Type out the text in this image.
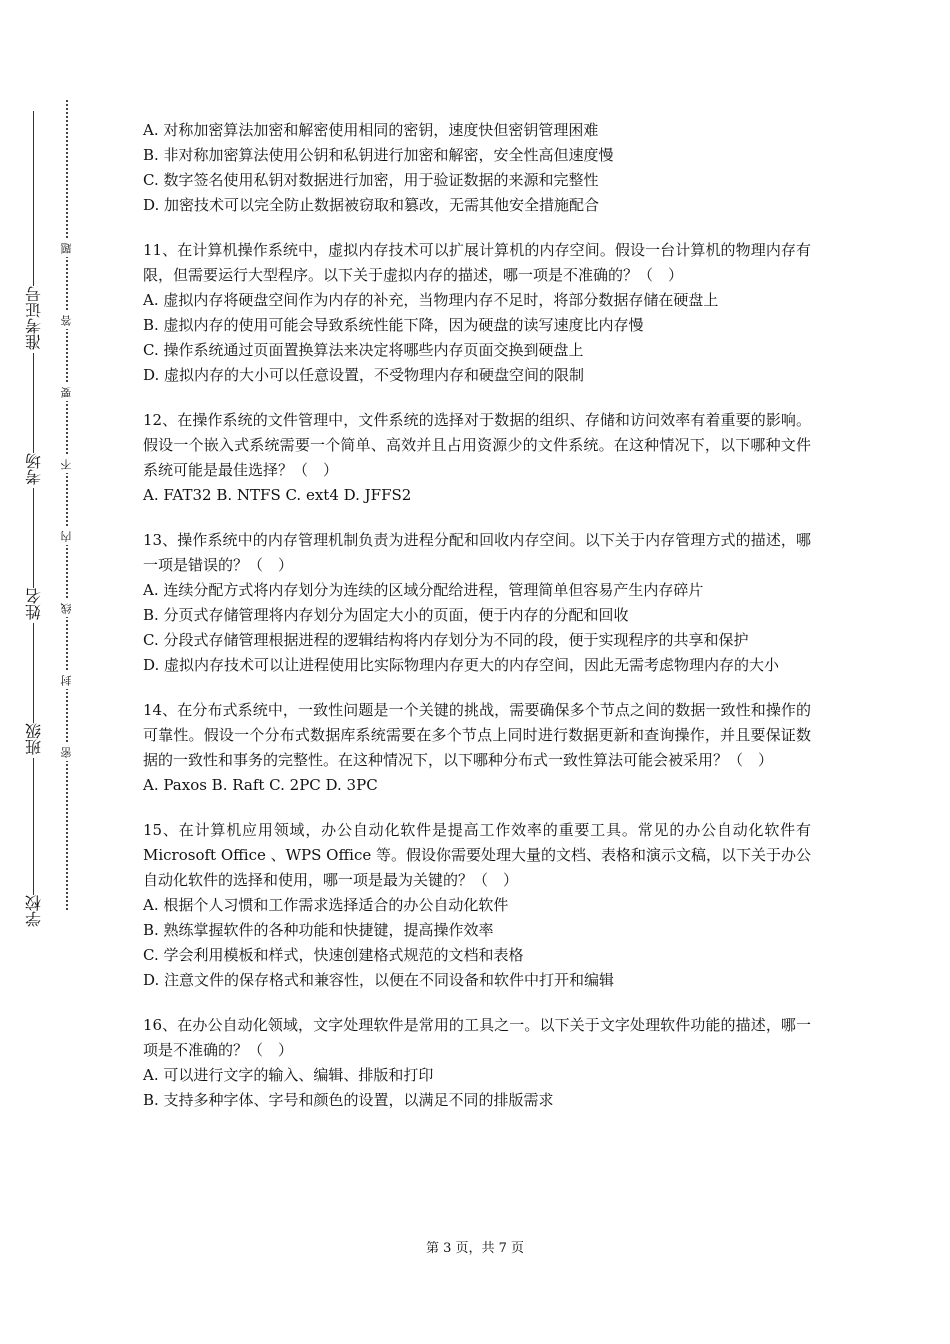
准考证号
考场
姓名
班级
学校
题
答
要
不
内
线
封
密

A. 对称加密算法加密和解密使用相同的密钥，速度快但密钥管理困难

B. 非对称加密算法使用公钥和私钥进行加密和解密，安全性高但速度慢

C. 数字签名使用私钥对数据进行加密，用于验证数据的来源和完整性

D. 加密技术可以完全防止数据被窃取和篡改，无需其他安全措施配合

11、在计算机操作系统中，虚拟内存技术可以扩展计算机的内存空间。假设一台计算机的物理内存有限，但需要运行大型程序。以下关于虚拟内存的描述，哪一项是不准确的？（　）

A. 虚拟内存将硬盘空间作为内存的补充，当物理内存不足时，将部分数据存储在硬盘上

B. 虚拟内存的使用可能会导致系统性能下降，因为硬盘的读写速度比内存慢

C. 操作系统通过页面置换算法来决定将哪些内存页面交换到硬盘上

D. 虚拟内存的大小可以任意设置，不受物理内存和硬盘空间的限制

12、在操作系统的文件管理中，文件系统的选择对于数据的组织、存储和访问效率有着重要的影响。假设一个嵌入式系统需要一个简单、高效并且占用资源少的文件系统。在这种情况下，以下哪种文件系统可能是最佳选择？（　）

A. FAT32 B. NTFS C. ext4 D. JFFS2

13、操作系统中的内存管理机制负责为进程分配和回收内存空间。以下关于内存管理方式的描述，哪一项是错误的？（　）

A. 连续分配方式将内存划分为连续的区域分配给进程，管理简单但容易产生内存碎片

B. 分页式存储管理将内存划分为固定大小的页面，便于内存的分配和回收

C. 分段式存储管理根据进程的逻辑结构将内存划分为不同的段，便于实现程序的共享和保护

D. 虚拟内存技术可以让进程使用比实际物理内存更大的内存空间，因此无需考虑物理内存的大小

14、在分布式系统中，一致性问题是一个关键的挑战，需要确保多个节点之间的数据一致性和操作的可靠性。假设一个分布式数据库系统需要在多个节点上同时进行数据更新和查询操作，并且要保证数据的一致性和事务的完整性。在这种情况下，以下哪种分布式一致性算法可能会被采用？（　）

A. Paxos B. Raft C. 2PC D. 3PC

15、在计算机应用领域，办公自动化软件是提高工作效率的重要工具。常见的办公自动化软件有 Microsoft Office 、WPS Office 等。假设你需要处理大量的文档、表格和演示文稿，以下关于办公自动化软件的选择和使用，哪一项是最为关键的？（　）

A. 根据个人习惯和工作需求选择适合的办公自动化软件

B. 熟练掌握软件的各种功能和快捷键，提高操作效率

C. 学会利用模板和样式，快速创建格式规范的文档和表格

D. 注意文件的保存格式和兼容性，以便在不同设备和软件中打开和编辑

16、在办公自动化领域，文字处理软件是常用的工具之一。以下关于文字处理软件功能的描述，哪一项是不准确的？（　）

A. 可以进行文字的输入、编辑、排版和打印

B. 支持多种字体、字号和颜色的设置，以满足不同的排版需求

第 3 页，共 7 页
